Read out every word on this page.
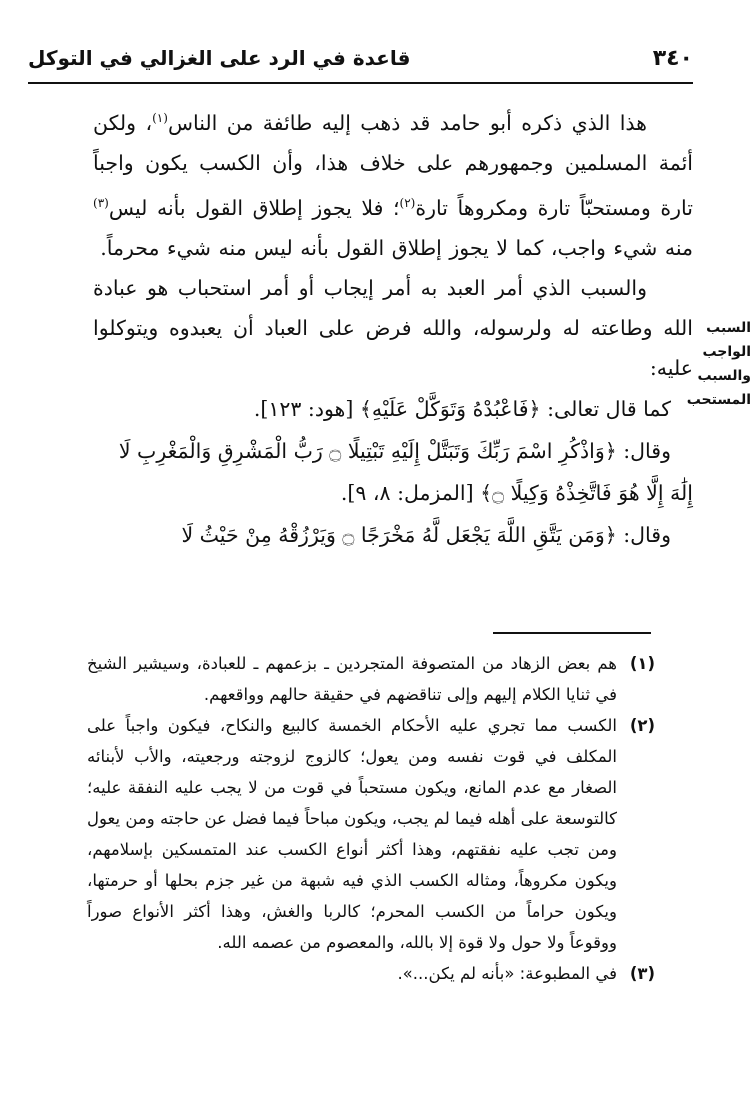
٣٤٠
قاعدة في الرد على الغزالي في التوكل
السبب
الواجب
والسبب
المستحب

هذا الذي ذكره أبو حامد قد ذهب إليه طائفة من الناس$^{(١)}$، ولكن أئمة المسلمين وجمهورهم على خلاف هذا، وأن الكسب يكون واجباً تارة ومستحبّاً تارة ومكروهاً تارة$^{(٢)}$؛ فلا يجوز إطلاق القول بأنه ليس$^{(٣)}$ منه شيء واجب، كما لا يجوز إطلاق القول بأنه ليس منه شيء محرماً.

والسبب الذي أمر العبد به أمر إيجاب أو أمر استحباب هو عبادة الله وطاعته له ولرسوله، والله فرض على العباد أن يعبدوه ويتوكلوا عليه:

كما قال تعالى: ﴿فَاعْبُدْهُ وَتَوَكَّلْ عَلَيْهِ﴾ [هود: ١٢٣].

وقال: ﴿وَاذْكُرِ اسْمَ رَبِّكَ وَتَبَتَّلْ إِلَيْهِ تَبْتِيلًا ۝ رَبُّ الْمَشْرِقِ وَالْمَغْرِبِ لَا

إِلَٰهَ إِلَّا هُوَ فَاتَّخِذْهُ وَكِيلًا ۝﴾ [المزمل: ٨، ٩].

وقال: ﴿وَمَن يَتَّقِ اللَّهَ يَجْعَل لَّهُ مَخْرَجًا ۝ وَيَرْزُقْهُ مِنْ حَيْثُ لَا

(١)
هم بعض الزهاد من المتصوفة المتجردين ـ بزعمهم ـ للعبادة، وسيشير الشيخ في ثنايا الكلام إليهم وإلى تناقضهم في حقيقة حالهم وواقعهم.
(٢)
الكسب مما تجري عليه الأحكام الخمسة كالبيع والنكاح، فيكون واجباً على المكلف في قوت نفسه ومن يعول؛ كالزوج لزوجته ورجعيته، والأب لأبنائه الصغار مع عدم المانع، ويكون مستحباً في قوت من لا يجب عليه النفقة عليه؛ كالتوسعة على أهله فيما لم يجب، ويكون مباحاً فيما فضل عن حاجته ومن يعول ومن تجب عليه نفقتهم، وهذا أكثر أنواع الكسب عند المتمسكين بإسلامهم، ويكون مكروهاً، ومثاله الكسب الذي فيه شبهة من غير جزم بحلها أو حرمتها، ويكون حراماً من الكسب المحرم؛ كالربا والغش، وهذا أكثر الأنواع صوراً ووقوعاً ولا حول ولا قوة إلا بالله، والمعصوم من عصمه الله.
(٣)
في المطبوعة: «بأنه لم يكن...».
